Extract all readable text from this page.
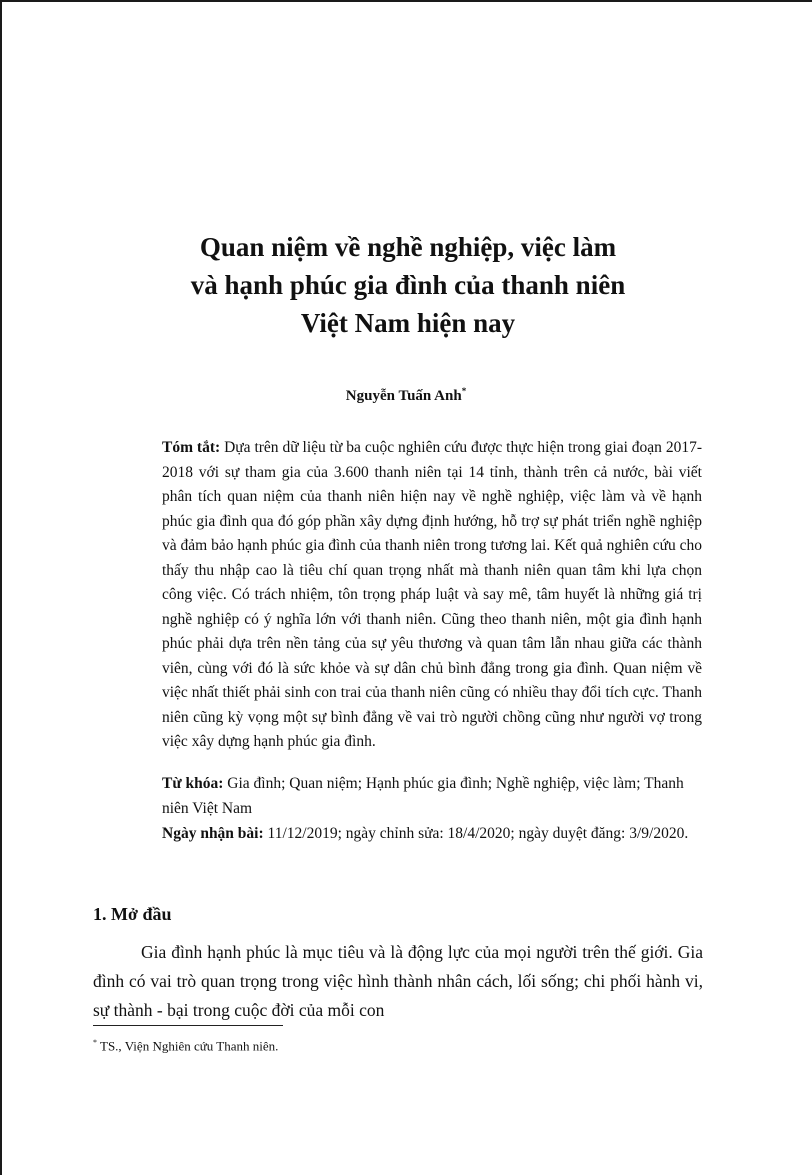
Quan niệm về nghề nghiệp, việc làm
và hạnh phúc gia đình của thanh niên
Việt Nam hiện nay
Nguyễn Tuấn Anh*

Tóm tắt: Dựa trên dữ liệu từ ba cuộc nghiên cứu được thực hiện trong giai đoạn 2017-2018 với sự tham gia của 3.600 thanh niên tại 14 tỉnh, thành trên cả nước, bài viết phân tích quan niệm của thanh niên hiện nay về nghề nghiệp, việc làm và về hạnh phúc gia đình qua đó góp phần xây dựng định hướng, hỗ trợ sự phát triển nghề nghiệp và đảm bảo hạnh phúc gia đình của thanh niên trong tương lai. Kết quả nghiên cứu cho thấy thu nhập cao là tiêu chí quan trọng nhất mà thanh niên quan tâm khi lựa chọn công việc. Có trách nhiệm, tôn trọng pháp luật và say mê, tâm huyết là những giá trị nghề nghiệp có ý nghĩa lớn với thanh niên. Cũng theo thanh niên, một gia đình hạnh phúc phải dựa trên nền tảng của sự yêu thương và quan tâm lẫn nhau giữa các thành viên, cùng với đó là sức khỏe và sự dân chủ bình đẳng trong gia đình. Quan niệm về việc nhất thiết phải sinh con trai của thanh niên cũng có nhiều thay đổi tích cực. Thanh niên cũng kỳ vọng một sự bình đẳng về vai trò người chồng cũng như người vợ trong việc xây dựng hạnh phúc gia đình.

Từ khóa: Gia đình; Quan niệm; Hạnh phúc gia đình; Nghề nghiệp, việc làm; Thanh niên Việt Nam

Ngày nhận bài: 11/12/2019; ngày chỉnh sửa: 18/4/2020; ngày duyệt đăng: 3/9/2020.

1. Mở đầu

Gia đình hạnh phúc là mục tiêu và là động lực của mọi người trên thế giới. Gia đình có vai trò quan trọng trong việc hình thành nhân cách, lối sống; chi phối hành vi, sự thành - bại trong cuộc đời của mỗi con

* TS., Viện Nghiên cứu Thanh niên.
